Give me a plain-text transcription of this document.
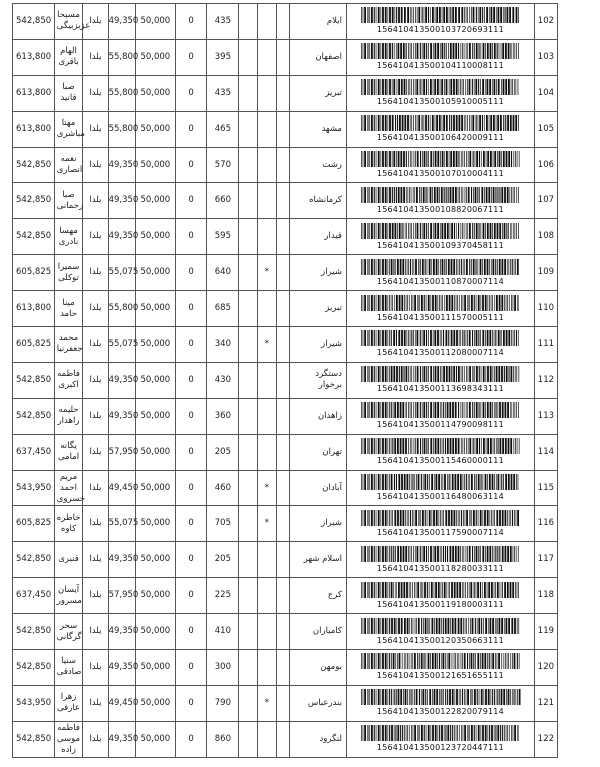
542,850	مسیحا عزیزبیگی	یلدا	49,350	50,000	0	435				ایلام	156410413500103720693111	102
613,800	الهام باقری	یلدا	55,800	50,000	0	395				اصفهان	156410413500104110008111	103
613,800	صبا قانید	یلدا	55,800	50,000	0	435				تبریز	156410413500105910005111	104
613,800	مهتا مباشری	یلدا	55,800	50,000	0	465				مشهد	156410413500106420009111	105
542,850	نغمه انصاری	یلدا	49,350	50,000	0	570				رشت	156410413500107010004111	106
542,850	صبا رحمانی	یلدا	49,350	50,000	0	660				کرمانشاه	156410413500108820067111	107
542,850	مهسا نادری	یلدا	49,350	50,000	0	595				قیدار	156410413500109370458111	108
605,825	سمیرا توکلی	یلدا	55,075	50,000	0	640		*		شیراز	156410413500110870007114	109
613,800	مینا حامد	یلدا	55,800	50,000	0	685				تبریز	156410413500111570005111	110
605,825	محمد جعفرنیا	یلدا	55,075	50,000	0	340		*		شیراز	156410413500112080007114	111
542,850	فاطمه اکبری	یلدا	49,350	50,000	0	430				دستگرد برخوار	156410413500113698343111	112
542,850	حلیمه راهدار	یلدا	49,350	50,000	0	360				زاهدان	156410413500114790098111	113
637,450	یگانه امامی	یلدا	57,950	50,000	0	205				تهران	156410413500115460000111	114
543,950	مریم احمد خسروی	یلدا	49,450	50,000	0	460		*		آبادان	156410413500116480063114	115
605,825	خاطره کاوه	یلدا	55,075	50,000	0	705		*		شیراز	156410413500117590007114	116
542,850	قنبری	یلدا	49,350	50,000	0	205				اسلام شهر	156410413500118280033111	117
637,450	آیسان مسرور	یلدا	57,950	50,000	0	225				کرج	156410413500119180003111	118
542,850	سحر گرگانی	یلدا	49,350	50,000	0	410				کامیاران	156410413500120350663111	119
542,850	ستیا صادقی	یلدا	49,350	50,000	0	300				بومهن	156410413500121651655111	120
543,950	زهرا عارفی	یلدا	49,450	50,000	0	790		*		بندرعباس	156410413500122820079114	121
542,850	فاطمه موسی زاده	یلدا	49,350	50,000	0	860				لنگرود	156410413500123720447111	122
